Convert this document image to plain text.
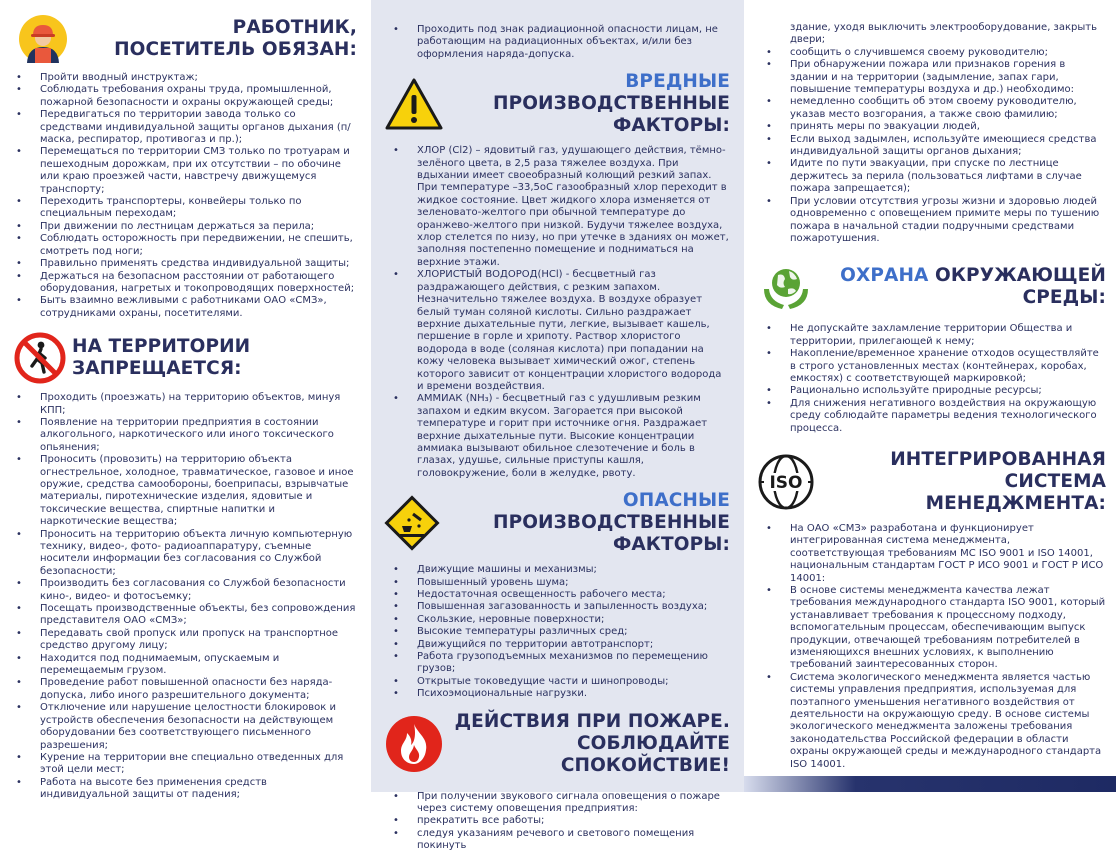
РАБОТНИК,
ПОСЕТИТЕЛЬ ОБЯЗАН:
• Пройти вводный инструктаж;
• Соблюдать требования охраны труда, промышленной, пожарной безопасности и охраны окружающей среды;
• Передвигаться по территории завода только со средствами индивидуальной защиты органов дыхания (п/маска, респиратор, противогаз и пр.);
• Перемещаться по территории СМЗ только по тротуарам и пешеходным дорожкам, при их отсутствии – по обочине или краю проезжей части, навстречу движущемуся транспорту;
• Переходить транспортеры, конвейеры только по специальным переходам;
• При движении по лестницам держаться за перила;
• Соблюдать осторожность при передвижении, не спешить, смотреть под ноги;
• Правильно применять средства индивидуальной защиты;
• Держаться на безопасном расстоянии от работающего оборудования, нагретых и токопроводящих поверхностей;
• Быть взаимно вежливыми с работниками ОАО «СМЗ», сотрудниками охраны, посетителями.
НА ТЕРРИТОРИИ ЗАПРЕЩАЕТСЯ:
• Проходить (проезжать) на территорию объектов, минуя КПП;
• Появление на территории предприятия в состоянии алкогольного, наркотического или иного токсического опьянения;
• Проносить (провозить) на территорию объекта огнестрельное, холодное, травматическое, газовое и иное оружие, средства самообороны, боеприпасы, взрывчатые материалы, пиротехнические изделия, ядовитые и токсические вещества, спиртные напитки и наркотические вещества;
• Проносить на территорию объекта личную компьютерную технику, видео-, фото- радиоаппаратуру, съемные носители информации без согласования со Службой безопасности;
• Производить без согласования со Службой безопасности кино-, видео- и фотосъемку;
• Посещать производственные объекты, без сопровождения представителя ОАО «СМЗ»;
• Передавать свой пропуск или пропуск на транспортное средство другому лицу;
• Находится под поднимаемым, опускаемым и перемещаемым грузом.
• Проведение работ повышенной опасности без наряда-допуска, либо иного разрешительного документа;
• Отключение или нарушение целостности блокировок и устройств обеспечения безопасности на действующем оборудовании без соответствующего письменного разрешения;
• Курение на территории вне специально отведенных для этой цели мест;
• Работа на высоте без применения средств индивидуальной защиты от падения;
• Проходить под знак радиационной опасности лицам, не работающим на радиационных объектах, и/или без оформления наряда-допуска.
ВРЕДНЫЕ ПРОИЗВОДСТВЕННЫЕ
ФАКТОРЫ:
• ХЛОР (Cl2) – ядовитый газ, удушающего действия, тёмно-зелёного цвета, в 2,5 раза тяжелее воздуха. При вдыхании имеет своеобразный колющий резкий запах. При температуре –33,5оС газообразный хлор переходит в жидкое состояние. Цвет жидкого хлора изменяется от зеленовато-желтого при обычной температуре до оранжево-желтого при низкой. Будучи тяжелее воздуха, хлор стелется по низу, но при утечке в зданиях он может, заполняя постепенно помещение и подниматься на верхние этажи.
• ХЛОРИСТЫЙ ВОДОРОД(HCl) - бесцветный газ раздражающего действия, с резким запахом. Незначительно тяжелее воздуха. В воздухе образует белый туман соляной кислоты. Сильно раздражает верхние дыхательные пути, легкие, вызывает кашель, першение в горле и хрипоту. Раствор хлористого водорода в воде (соляная кислота) при попадании на кожу человека вызывает химический ожог, степень которого зависит от концентрации хлористого водорода и времени воздействия.
• АММИАК (NH₃) - бесцветный газ с удушливым резким запахом и едким вкусом. Загорается при высокой температуре и горит при источнике огня. Раздражает верхние дыхательные пути. Высокие концентрации аммиака вызывают обильное слезотечение и боль в глазах, удушье, сильные приступы кашля, головокружение, боли в желудке, рвоту.
ОПАСНЫЕ ПРОИЗВОДСТВЕННЫЕ
ФАКТОРЫ:
• Движущие машины и механизмы;
• Повышенный уровень шума;
• Недостаточная освещенность рабочего места;
• Повышенная загазованность и запыленность воздуха;
• Скользкие, неровные поверхности;
• Высокие температуры различных сред;
• Движущийся по территории автотранспорт;
• Работа грузоподъемных механизмов по перемещению грузов;
• Открытые токоведущие части и шинопроводы;
• Психоэмоциональные нагрузки.
ДЕЙСТВИЯ ПРИ ПОЖАРЕ.
СОБЛЮДАЙТЕ СПОКОЙСТВИЕ!
• При получении звукового сигнала оповещения о пожаре через систему оповещения предприятия:
• прекратить все работы;
• следуя указаниям речевого и светового помещения покинуть
здание, уходя выключить электрооборудование, закрыть двери;
• сообщить о случившемся своему руководителю;
• При обнаружении пожара или признаков горения в здании и на территории (задымление, запах гари, повышение температуры воздуха и др.) необходимо:
• немедленно сообщить об этом своему руководителю, указав место возгорания, а также свою фамилию;
• принять меры по эвакуации людей,
• Если выход задымлен, используйте имеющиеся средства индивидуальной защиты органов дыхания;
• Идите по пути эвакуации, при спуске по лестнице держитесь за перила (пользоваться лифтами в случае пожара запрещается);
• При условии отсутствия угрозы жизни и здоровью людей одновременно с оповещением примите меры по тушению пожара в начальной стадии подручными средствами пожаротушения.
ОХРАНА ОКРУЖАЮЩЕЙ СРЕДЫ:
• Не допускайте захламление территории Общества и территории, прилегающей к нему;
• Накопление/временное хранение отходов осуществляйте в строго установленных местах (контейнерах, коробах, емкостях) с соответствующей маркировкой;
• Рационально используйте природные ресурсы;
• Для снижения негативного воздействия на окружающую среду соблюдайте параметры ведения технологического процесса.
ISO
ИНТЕГРИРОВАННАЯ СИСТЕМА
МЕНЕДЖМЕНТА:
• На ОАО «СМЗ» разработана и функционирует интегрированная система менеджмента, соответствующая требованиям МС ISO 9001 и ISO 14001, национальным стандартам ГОСТ Р ИСО 9001 и ГОСТ Р ИСО 14001:
• В основе системы менеджмента качества лежат требования международного стандарта ISO 9001, который устанавливает требования к процессному подходу, вспомогательным процессам, обеспечивающим выпуск продукции, отвечающей требованиям потребителей в изменяющихся внешних условиях, к выполнению требований заинтересованных сторон.
• Система экологического менеджмента является частью системы управления предприятия, используемая для поэтапного уменьшения негативного воздействия от деятельности на окружающую среду. В основе системы экологического менеджмента заложены требования законодательства Российской федерации в области охраны окружающей среды и международного стандарта ISO 14001.
